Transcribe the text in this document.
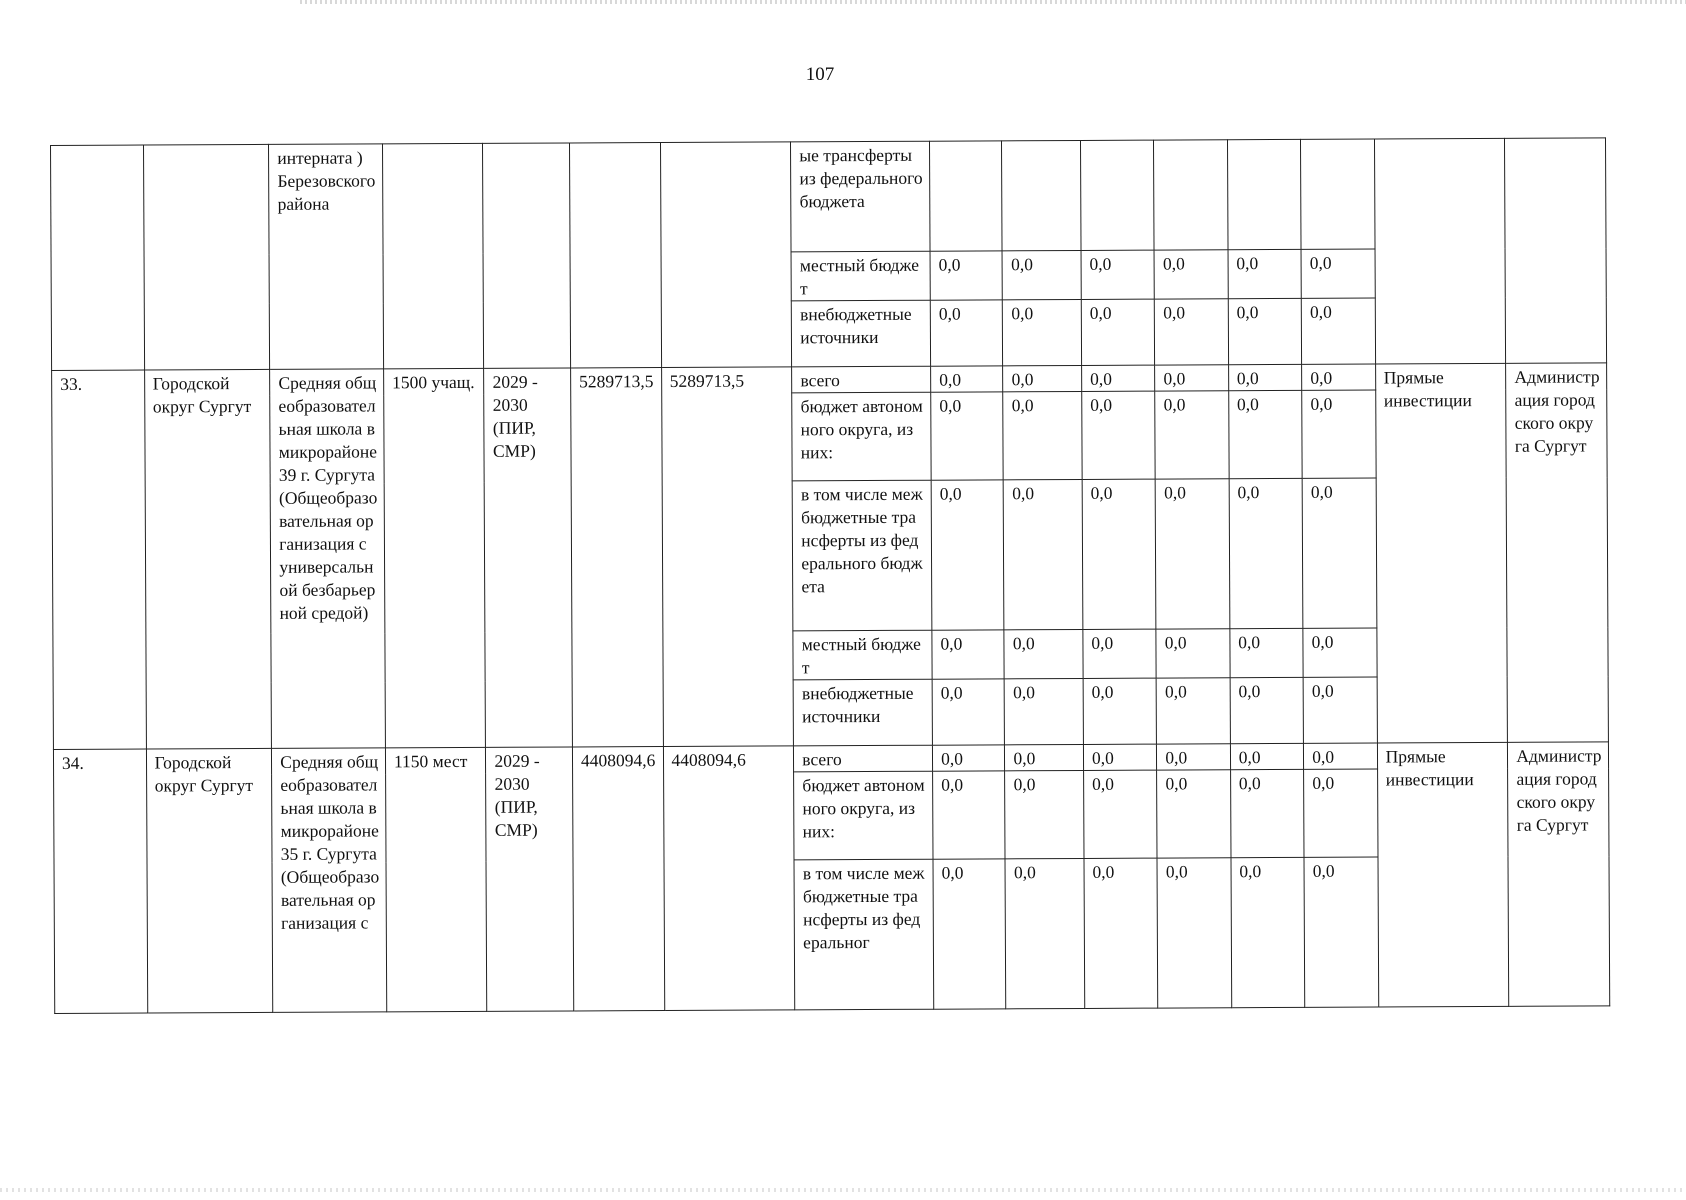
107
		интерната ) Березовского района					ые трансферты из федерального бюджета								
							местный бюджет	0,0	0,0	0,0	0,0	0,0	0,0		
							внебюджетные источники	0,0	0,0	0,0	0,0	0,0	0,0		
33.	Городской округ Сургут	Средняя общеобразовательная школа в микрорайоне 39 г. Сургута (Общеобразовательная организация с универсальной безбарьерной средой)	1500 учащ.	2029 - 2030 (ПИР, СМР)	5289713,5	5289713,5	всего	0,0	0,0	0,0	0,0	0,0	0,0	Прямые инвестиции	Администрация городского округа Сургут
							бюджет автономного округа, из них:	0,0	0,0	0,0	0,0	0,0	0,0		
							в том числе межбюджетные трансферты из федерального бюджета	0,0	0,0	0,0	0,0	0,0	0,0		
							местный бюджет	0,0	0,0	0,0	0,0	0,0	0,0		
							внебюджетные источники	0,0	0,0	0,0	0,0	0,0	0,0		
34.	Городской округ Сургут	Средняя общеобразовательная школа в микрорайоне 35 г. Сургута (Общеобразовательная организация с	1150 мест	2029 - 2030 (ПИР, СМР)	4408094,6	4408094,6	всего	0,0	0,0	0,0	0,0	0,0	0,0	Прямые инвестиции	Администрация городского округа Сургут
							бюджет автономного округа, из них:	0,0	0,0	0,0	0,0	0,0	0,0		
							в том числе межбюджетные трансферты из федеральног	0,0	0,0	0,0	0,0	0,0	0,0		
